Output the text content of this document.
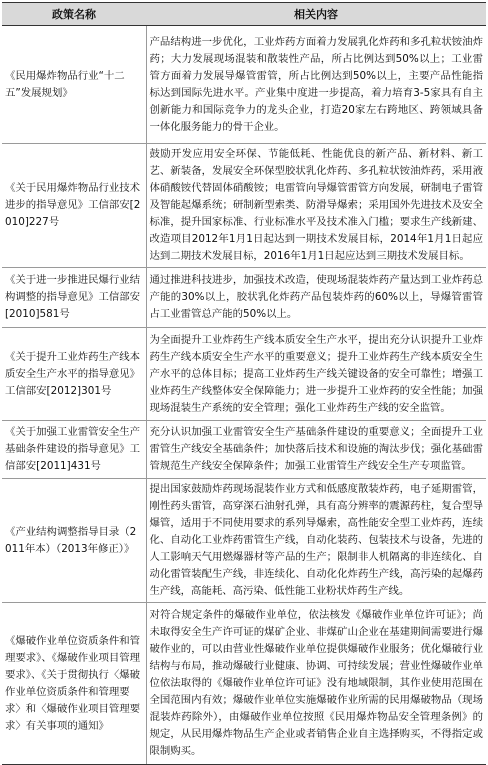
政策名称	相关内容
《民用爆炸物品行业“十二五”发展规划》	产品结构进一步优化，工业炸药方面着力发展乳化炸药和多孔粒状铵油炸药；大力发展现场混装和散装性产品，所占比例达到50%以上；工业雷管方面着力发展导爆管雷管，所占比例达到50%以上，主要产品性能指标达到国际先进水平。产业集中度进一步提高，着力培育3-5家具有自主创新能力和国际竞争力的龙头企业，打造20家左右跨地区、跨领域具备一体化服务能力的骨干企业。
《关于民用爆炸物品行业技术进步的指导意见》工信部安[2010]227号	鼓励开发应用安全环保、节能低耗、性能优良的新产品、新材料、新工艺、新装备，发展安全环保型胶状乳化炸药、多孔粒状铵油炸药，采用液体硝酸铵代替固体硝酸铵；电雷管向导爆管雷管方向发展，研制电子雷管及智能起爆系统；研制新型索类、防滑导爆索；采用国外先进技术及安全标准，提升国家标准、行业标准水平及技术准入门槛；要求生产线新建、改造项目2012年1月1日起达到一期技术发展目标，2014年1月1日起应达到二期技术发展目标，2016年1月1日起应达到三期技术发展目标。
《关于进一步推进民爆行业结构调整的指导意见》工信部安[2010]581号	通过推进科技进步，加强技术改造，使现场混装炸药产量达到工业炸药总产能的30%以上，胶状乳化炸药产品包装炸药的60%以上，导爆管雷管占工业雷管总产能的50%以上。
《关于提升工业炸药生产线本质安全生产水平的指导意见》工信部安[2012]301号	为全面提升工业炸药生产线本质安全生产水平，提出充分认识提升工业炸药生产线本质安全生产水平的重要意义；提升工业炸药生产线本质安全生产水平的总体目标；提高工业炸药生产线关键设备的安全可靠性；增强工业炸药生产线整体安全保障能力；进一步提升工业炸药的安全性能；加强现场混装生产系统的安全管理；强化工业炸药生产线的安全监管。
《关于加强工业雷管安全生产基础条件建设的指导意见》工信部安[2011]431号	充分认识加强工业雷管安全生产基础条件建设的重要意义；全面提升工业雷管生产线安全基础条件；加快落后技术和设施的淘汰步伐；强化基础雷管规范生产线安全保障条件；加强工业雷管生产线安全生产专项监管。
《产业结构调整指导目录（2011年本）（2013年修正）》	提出国家鼓励炸药现场混装作业方式和低感度散装炸药，电子延期雷管，刚性药头雷管，高穿深石油射孔弹，具有高分辨率的震源药柱，复合型导爆管，适用于不同使用要求的系列导爆索，高性能安全型工业炸药，连续化、自动化工业炸药雷管生产线，自动化装药、包装技术与设备，先进的人工影响天气用燃爆器材等产品的生产；限制非人机隔离的非连续化、自动化雷管装配生产线，非连续化、自动化化炸药生产线，高污染的起爆药生产线，高能耗、高污染、低性能工业粉状炸药生产线。
《爆破作业单位资质条件和管理要求》、《爆破作业项目管理要求》、《关于贯彻执行〈爆破作业单位资质条件和管理要求〉和〈爆破作业项目管理要求〉有关事项的通知》	对符合规定条件的爆破作业单位，依法核发《爆破作业单位许可证》；尚未取得安全生产许可证的煤矿企业、非煤矿山企业在基建期间需要进行爆破作业的，可以由营业性爆破作业单位提供爆破作业服务；优化爆破行业结构与布局，推动爆破行业健康、协调、可持续发展；营业性爆破作业单位依法取得的《爆破作业单位许可证》没有地域限制，其作业使用范围在全国范围内有效；爆破作业单位实施爆破作业所需的民用爆破物品（现场混装炸药除外），由爆破作业单位按照《民用爆炸物品安全管理条例》的规定，从民用爆炸物品生产企业或者销售企业自主选择购买，不得指定或限制购买。
